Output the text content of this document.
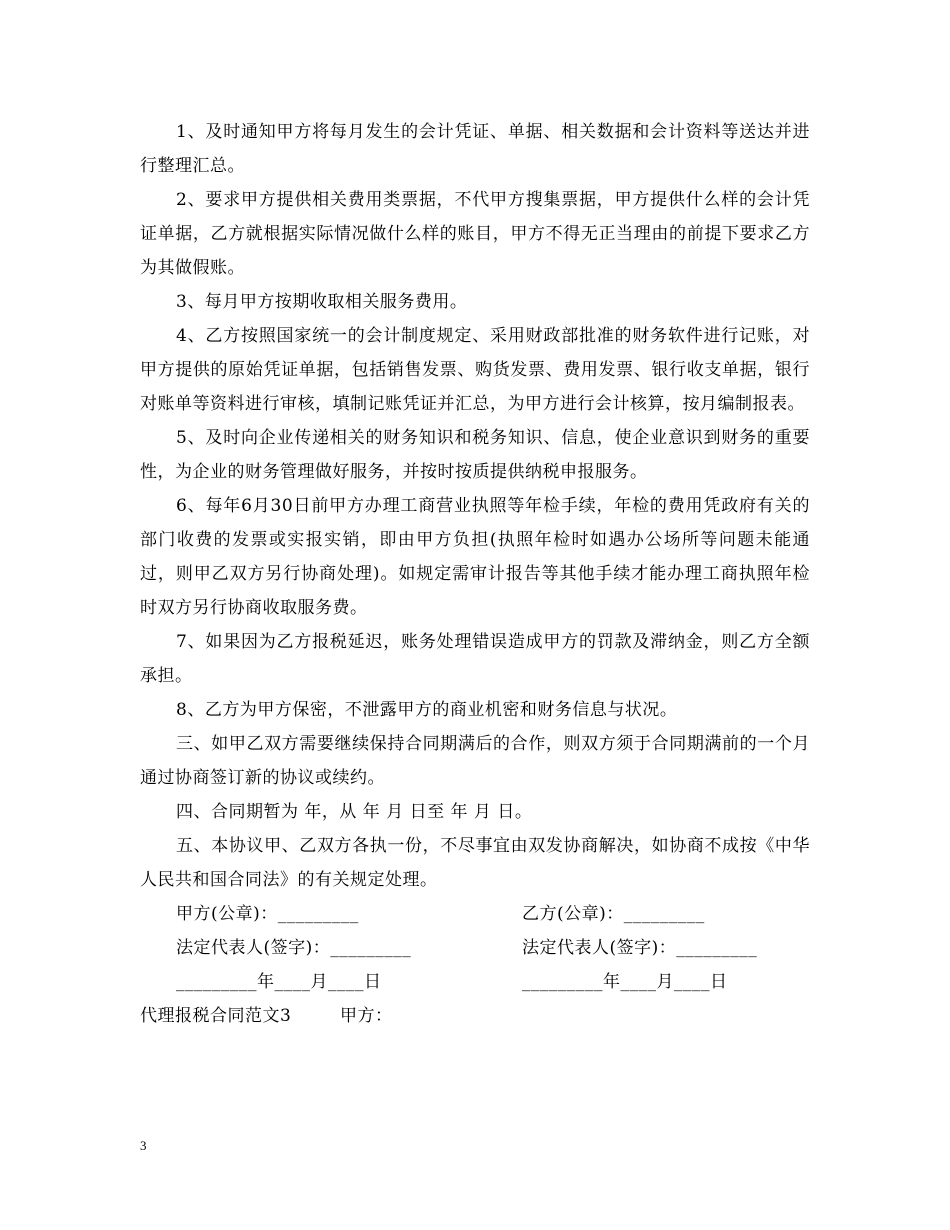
1、及时通知甲方将每月发生的会计凭证、单据、相关数据和会计资料等送达并进行整理汇总。

2、要求甲方提供相关费用类票据，不代甲方搜集票据，甲方提供什么样的会计凭证单据，乙方就根据实际情况做什么样的账目，甲方不得无正当理由的前提下要求乙方为其做假账。

3、每月甲方按期收取相关服务费用。

4、乙方按照国家统一的会计制度规定、采用财政部批准的财务软件进行记账，对甲方提供的原始凭证单据，包括销售发票、购货发票、费用发票、银行收支单据，银行对账单等资料进行审核，填制记账凭证并汇总，为甲方进行会计核算，按月编制报表。

5、及时向企业传递相关的财务知识和税务知识、信息，使企业意识到财务的重要性，为企业的财务管理做好服务，并按时按质提供纳税申报服务。

6、每年6月30日前甲方办理工商营业执照等年检手续，年检的费用凭政府有关的部门收费的发票或实报实销，即由甲方负担(执照年检时如遇办公场所等问题未能通过，则甲乙双方另行协商处理)。如规定需审计报告等其他手续才能办理工商执照年检时双方另行协商收取服务费。

7、如果因为乙方报税延迟，账务处理错误造成甲方的罚款及滞纳金，则乙方全额承担。

8、乙方为甲方保密，不泄露甲方的商业机密和财务信息与状况。

三、如甲乙双方需要继续保持合同期满后的合作，则双方须于合同期满前的一个月通过协商签订新的协议或续约。

四、合同期暂为 年，从 年 月 日至 年 月 日。

五、本协议甲、乙双方各执一份，不尽事宜由双发协商解决，如协商不成按《中华人民共和国合同法》的有关规定处理。

甲方(公章)：_________	乙方(公章)：_________
法定代表人(签字)：_________	法定代表人(签字)：_________
_________年____月____日	_________年____月____日

代理报税合同范文3

	甲方：

3
